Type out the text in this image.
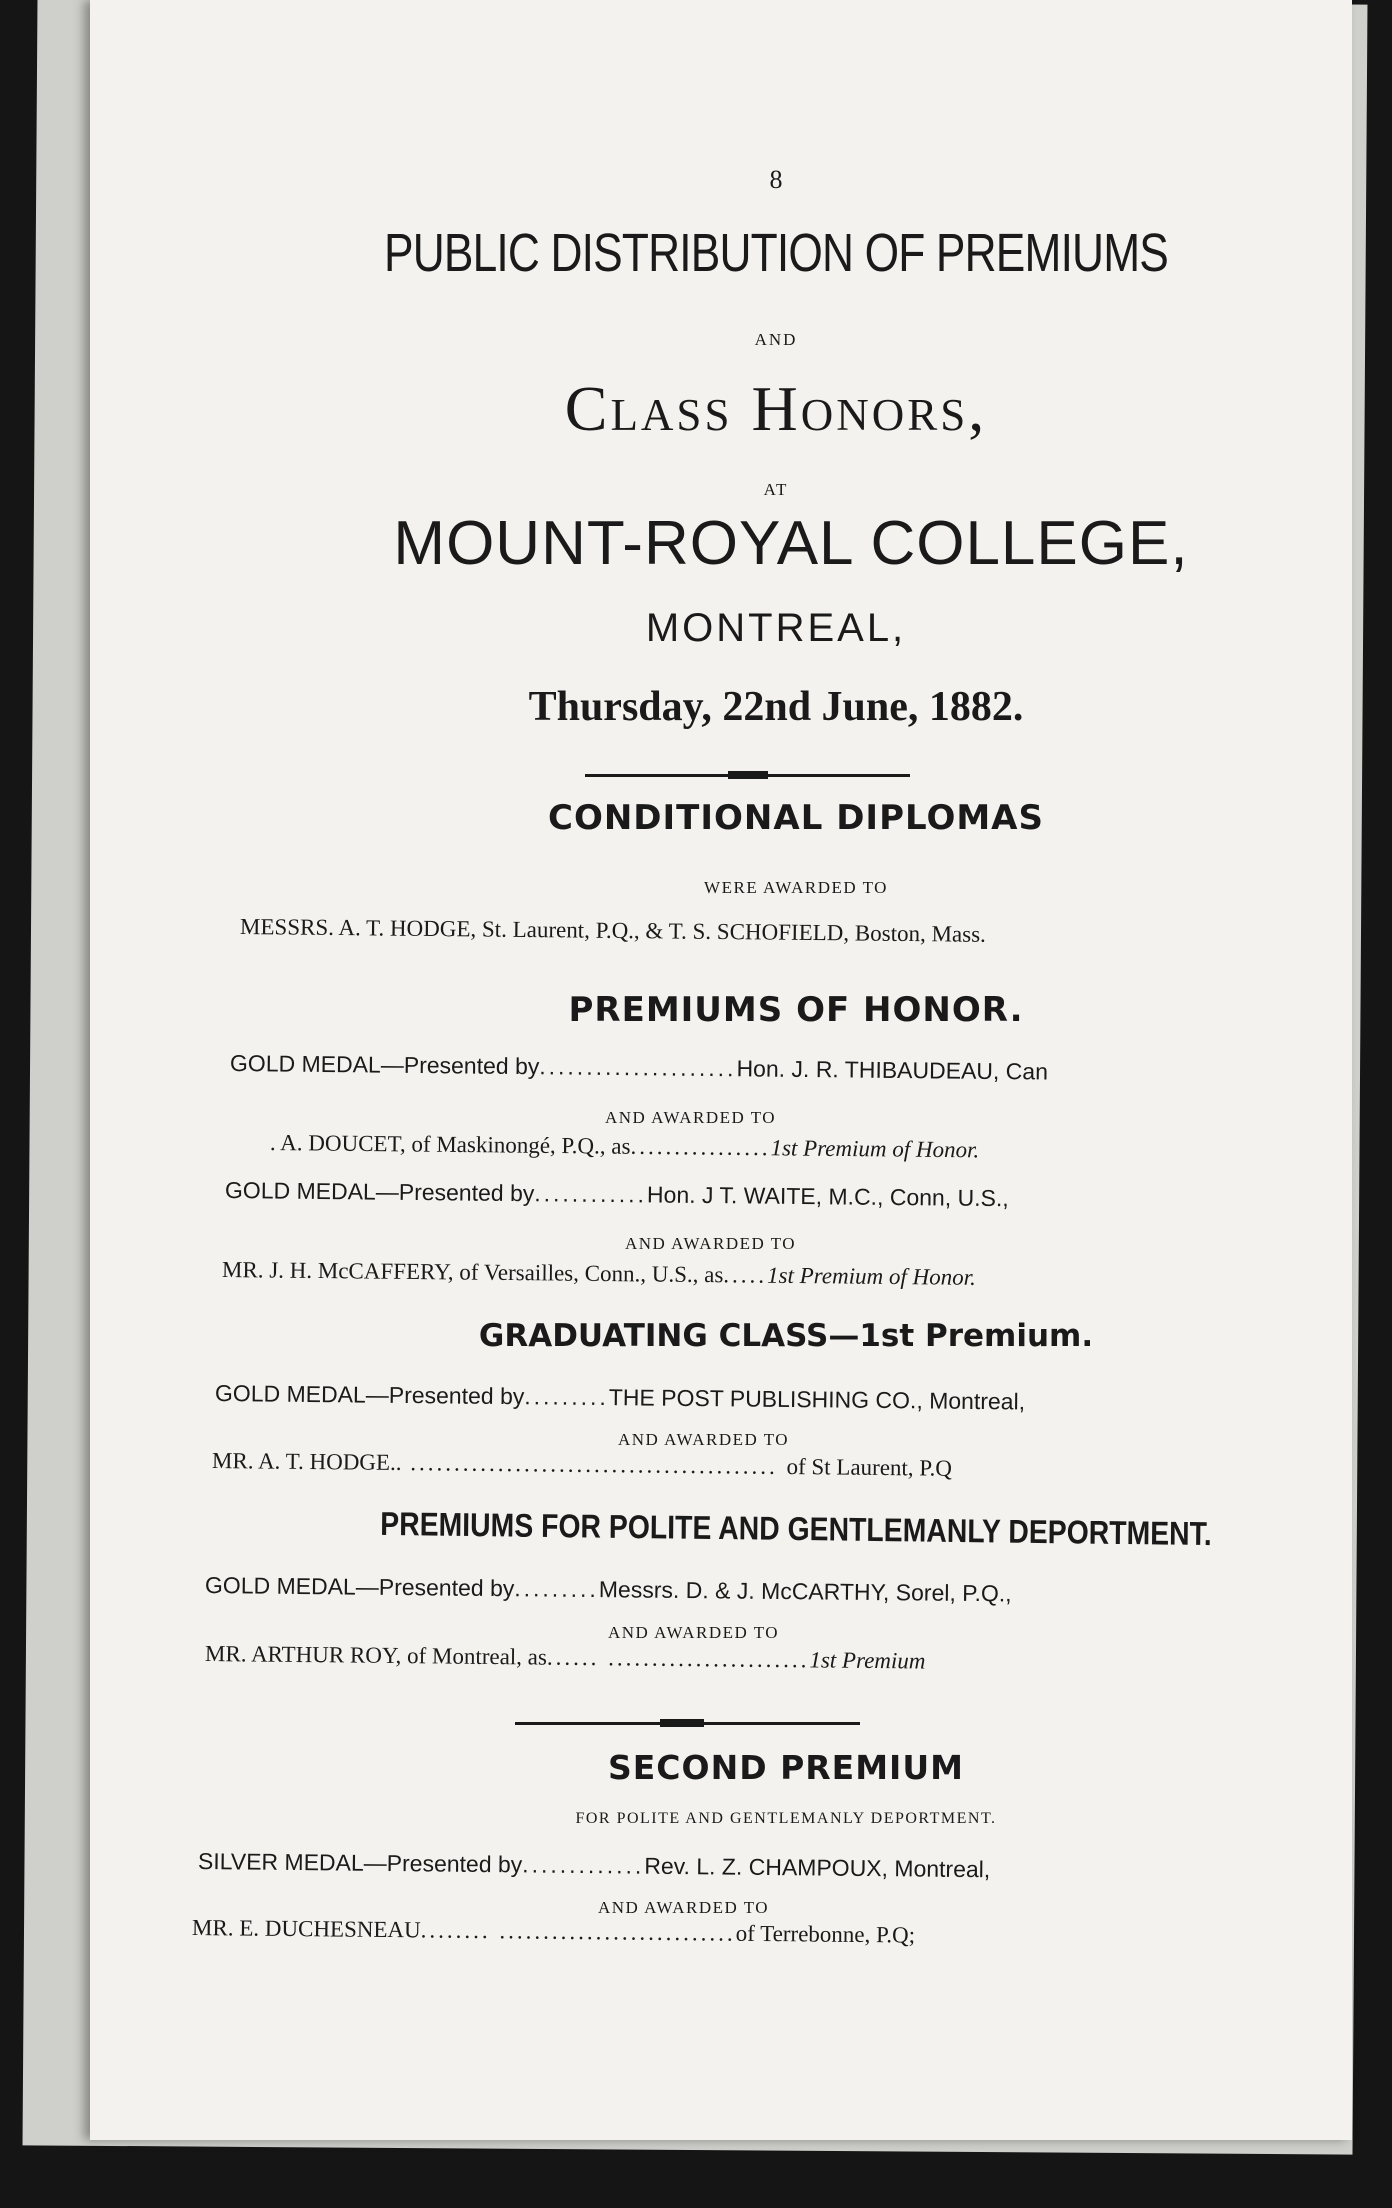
8
PUBLIC DISTRIBUTION OF PREMIUMS
AND
Class Honors,
AT
MOUNT-ROYAL COLLEGE,
MONTREAL,
Thursday, 22nd June, 1882.
CONDITIONAL DIPLOMAS
WERE AWARDED TO
MESSRS. A. T. HODGE, St. Laurent, P.Q., & T. S. SCHOFIELD, Boston, Mass.
PREMIUMS OF HONOR.
GOLD MEDAL—Presented by.....................Hon. J. R. THIBAUDEAU, Can
AND AWARDED TO
. A. DOUCET, of Maskinongé, P.Q., as................1st Premium of Honor.
GOLD MEDAL—Presented by............Hon. J T. WAITE, M.C., Conn, U.S.,
AND AWARDED TO
MR. J. H. McCAFFERY, of Versailles, Conn., U.S., as.....1st Premium of Honor.
GRADUATING CLASS—1st Premium.
GOLD MEDAL—Presented by.........THE POST PUBLISHING CO., Montreal,
AND AWARDED TO
MR. A. T. HODGE.. .......................................... of St Laurent, P.Q
PREMIUMS FOR POLITE AND GENTLEMANLY DEPORTMENT.
GOLD MEDAL—Presented by.........Messrs. D. & J. McCARTHY, Sorel, P.Q.,
AND AWARDED TO
MR. ARTHUR ROY, of Montreal, as...... .......................1st Premium
SECOND PREMIUM
FOR POLITE AND GENTLEMANLY DEPORTMENT.
SILVER MEDAL—Presented by.............Rev. L. Z. CHAMPOUX, Montreal,
AND AWARDED TO
MR. E. DUCHESNEAU........ ...........................of Terrebonne, P.Q;
